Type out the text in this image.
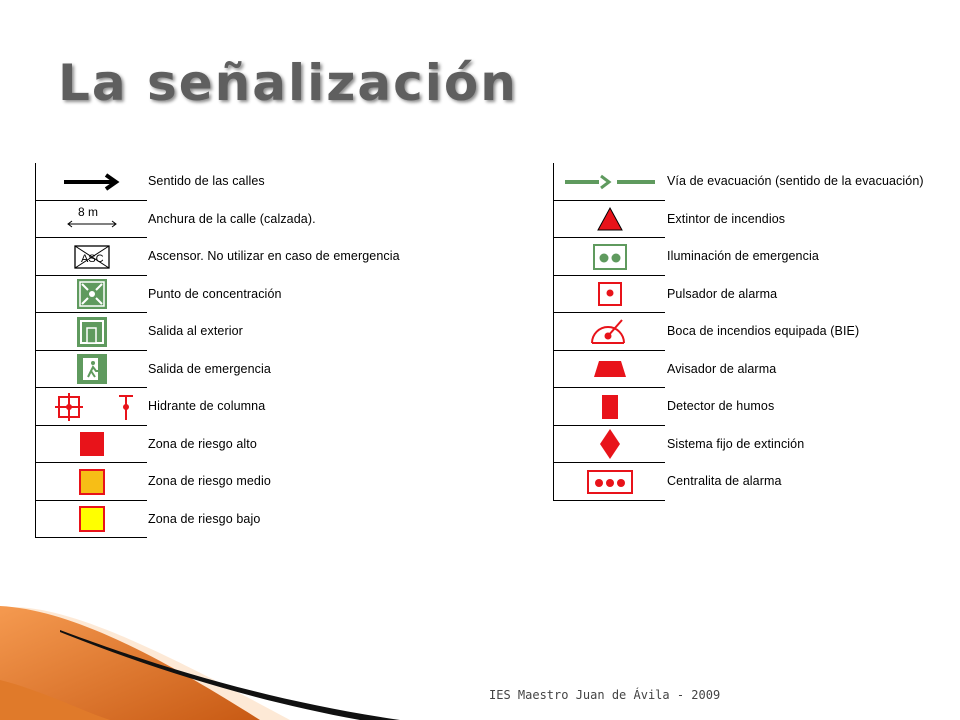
La señalización
Sentido de las calles
8 m	Anchura de la calle (calzada).
ASC	Ascensor. No utilizar en caso de emergencia
Punto de concentración
Salida al exterior
Salida de emergencia
Hidrante de columna
Zona de riesgo alto
Zona de riesgo medio
Zona de riesgo bajo
Vía de evacuación (sentido de la evacuación)
Extintor de incendios
Iluminación de emergencia
Pulsador de alarma
Boca de incendios equipada (BIE)
Avisador de alarma
Detector de humos
Sistema fijo de extinción
Centralita de alarma
IES Maestro Juan de Ávila - 2009
